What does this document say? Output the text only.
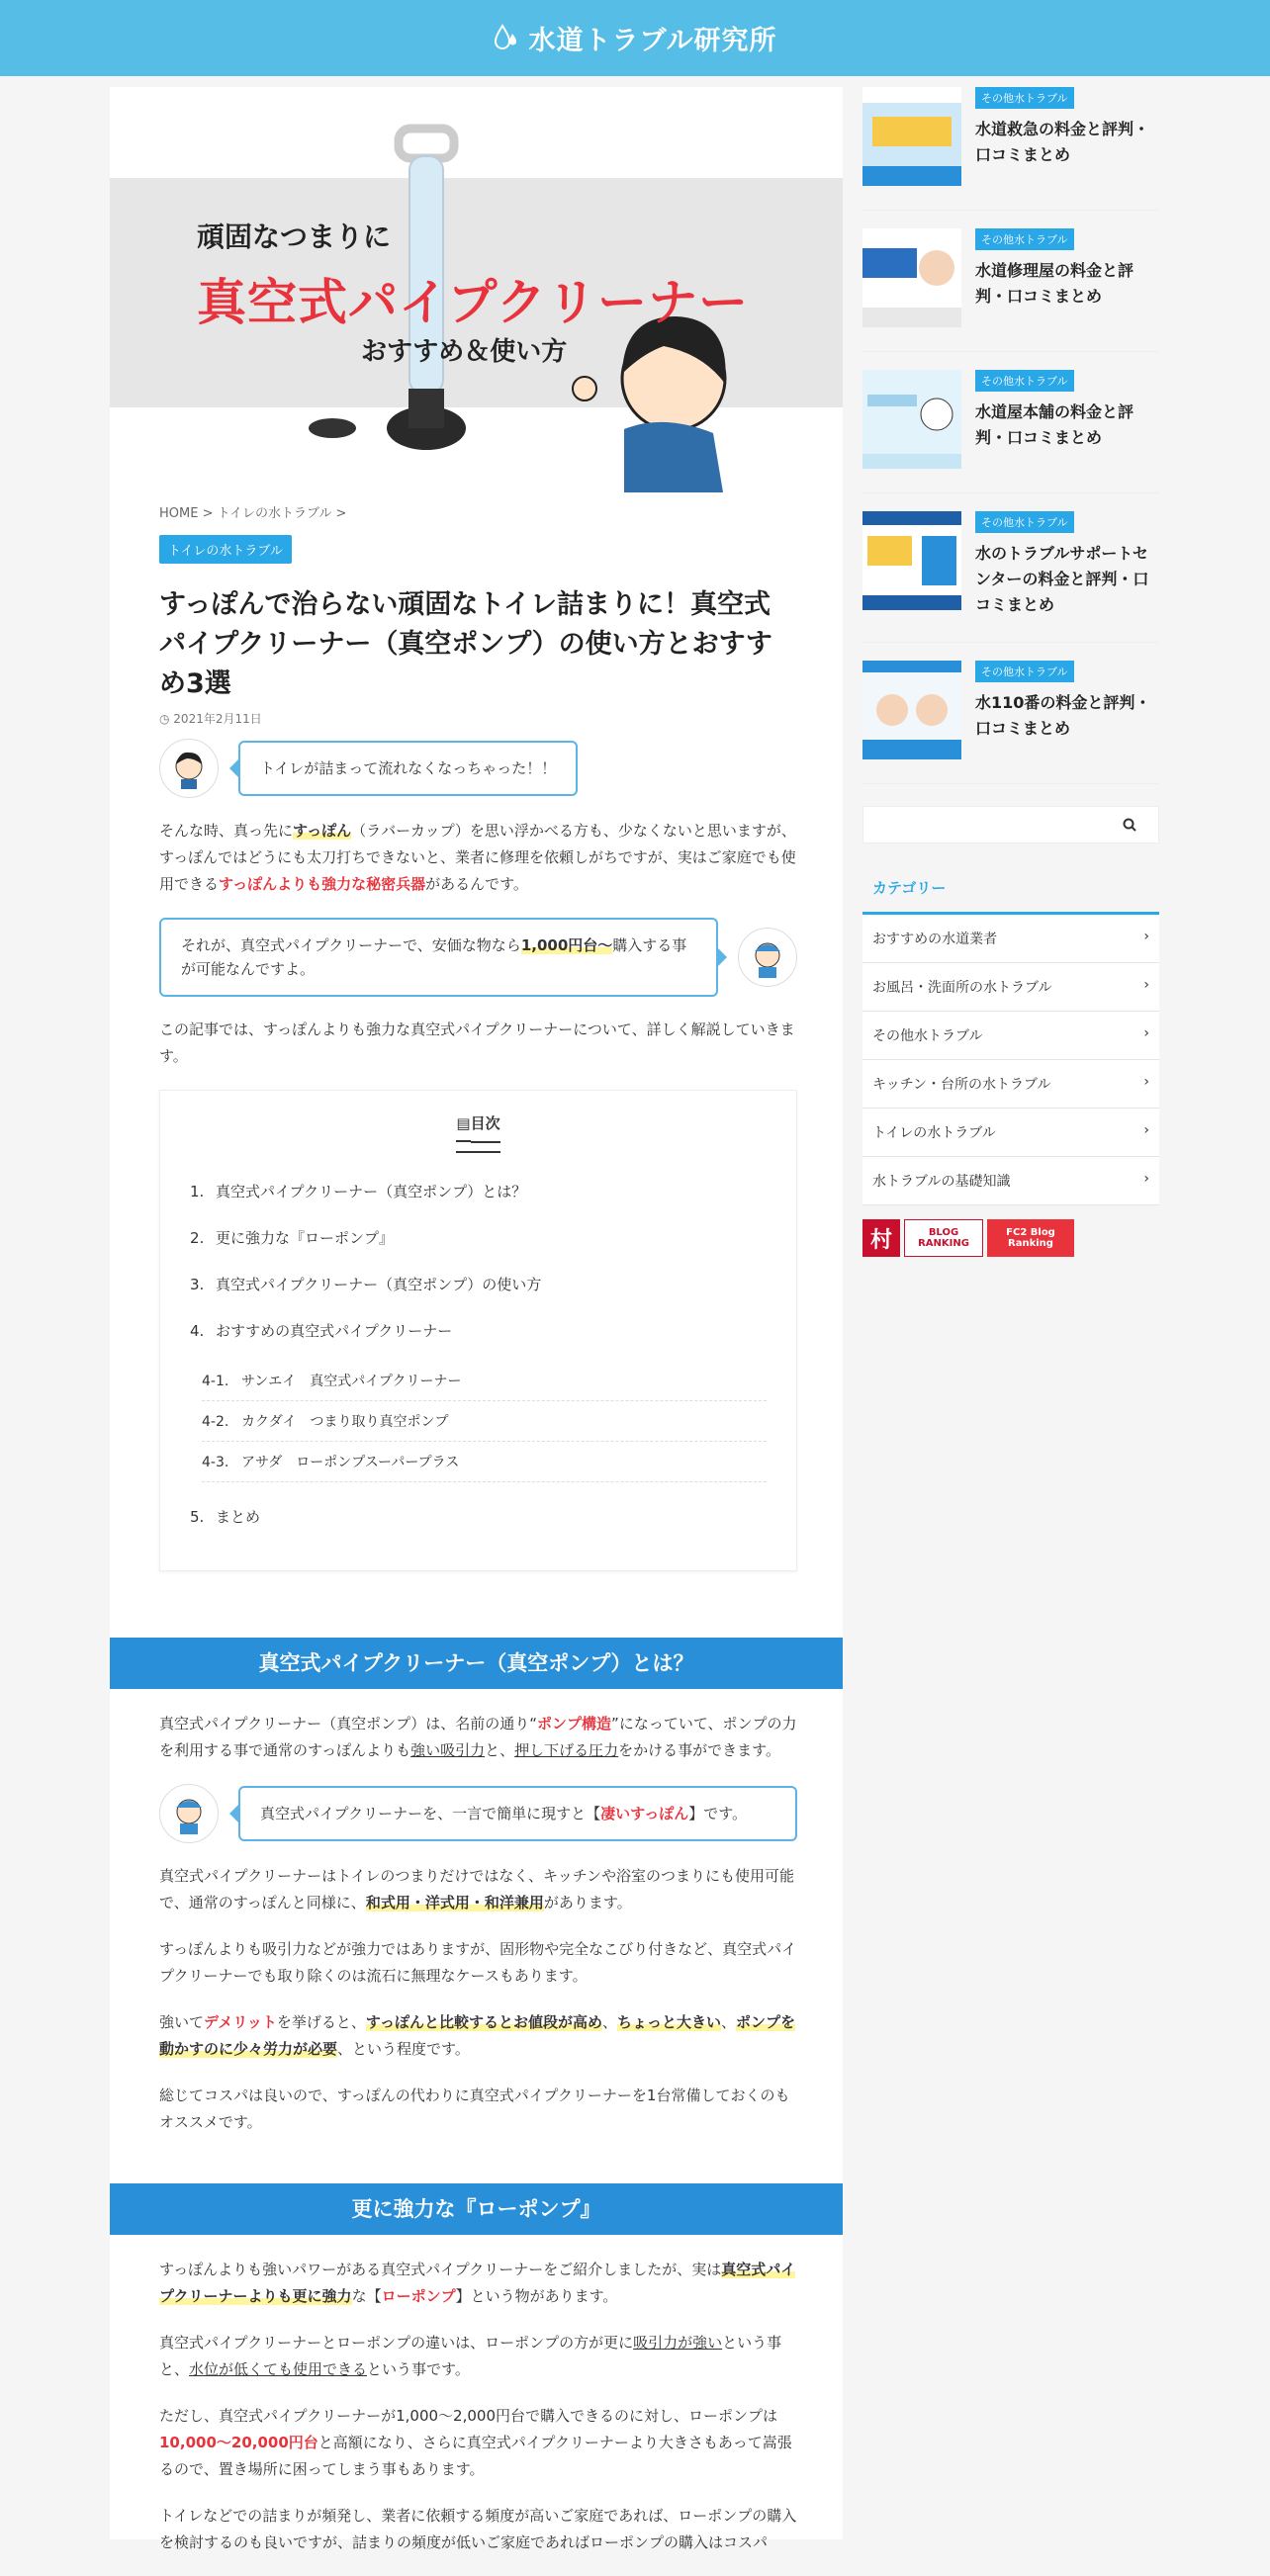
水道トラブル研究所
頑固なつまりに
真空式パイプクリーナー
おすすめ＆使い方
HOME > トイレの水トラブル >
トイレの水トラブル
すっぽんで治らない頑固なトイレ詰まりに！真空式パイプクリーナー（真空ポンプ）の使い方とおすすめ3選
◷ 2021年2月11日
トイレが詰まって流れなくなっちゃった！！

そんな時、真っ先にすっぽん（ラバーカップ）を思い浮かべる方も、少なくないと思いますが、すっぽんではどうにも太刀打ちできないと、業者に修理を依頼しがちですが、実はご家庭でも使用できるすっぽんよりも強力な秘密兵器があるんです。

それが、真空式パイプクリーナーで、安価な物なら1,000円台〜購入する事が可能なんですよ。

この記事では、すっぽんよりも強力な真空式パイプクリーナーについて、詳しく解説していきます。

▤目次
1. 真空式パイプクリーナー（真空ポンプ）とは？
2. 更に強力な『ローポンプ』
3. 真空式パイプクリーナー（真空ポンプ）の使い方
4. おすすめの真空式パイプクリーナー
4-1. サンエイ　真空式パイプクリーナー
4-2. カクダイ　つまり取り真空ポンプ
4-3. アサダ　ローポンプスーパープラス
5. まとめ
真空式パイプクリーナー（真空ポンプ）とは？

真空式パイプクリーナー（真空ポンプ）は、名前の通り“ポンプ構造”になっていて、ポンプの力を利用する事で通常のすっぽんよりも強い吸引力と、押し下げる圧力をかける事ができます。

真空式パイプクリーナーを、一言で簡単に現すと【凄いすっぽん】です。

真空式パイプクリーナーはトイレのつまりだけではなく、キッチンや浴室のつまりにも使用可能で、通常のすっぽんと同様に、和式用・洋式用・和洋兼用があります。

すっぽんよりも吸引力などが強力ではありますが、固形物や完全なこびり付きなど、真空式パイプクリーナーでも取り除くのは流石に無理なケースもあります。

強いてデメリットを挙げると、すっぽんと比較するとお値段が高め、ちょっと大きい、ポンプを動かすのに少々労力が必要、という程度です。

総じてコスパは良いので、すっぽんの代わりに真空式パイプクリーナーを1台常備しておくのもオススメです。

更に強力な『ローポンプ』

すっぽんよりも強いパワーがある真空式パイプクリーナーをご紹介しましたが、実は真空式パイプクリーナーよりも更に強力な【ローポンプ】という物があります。

真空式パイプクリーナーとローポンプの違いは、ローポンプの方が更に吸引力が強いという事と、水位が低くても使用できるという事です。

ただし、真空式パイプクリーナーが1,000〜2,000円台で購入できるのに対し、ローポンプは10,000〜20,000円台と高額になり、さらに真空式パイプクリーナーより大きさもあって嵩張るので、置き場所に困ってしまう事もあります。

トイレなどでの詰まりが頻発し、業者に依頼する頻度が高いご家庭であれば、ローポンプの購入を検討するのも良いですが、詰まりの頻度が低いご家庭であればローポンプの購入はコスパ

その他水トラブル
水道救急の料金と評判・口コミまとめ
その他水トラブル
水道修理屋の料金と評判・口コミまとめ
その他水トラブル
水道屋本舗の料金と評判・口コミまとめ
その他水トラブル
水のトラブルサポートセンターの料金と評判・口コミまとめ
その他水トラブル
水110番の料金と評判・口コミまとめ
カテゴリー
おすすめの水道業者	›
お風呂・洗面所の水トラブル	›
その他水トラブル	›
キッチン・台所の水トラブル	›
トイレの水トラブル	›
水トラブルの基礎知識	›
村	BLOG RANKING
FC2 Blog Ranking
